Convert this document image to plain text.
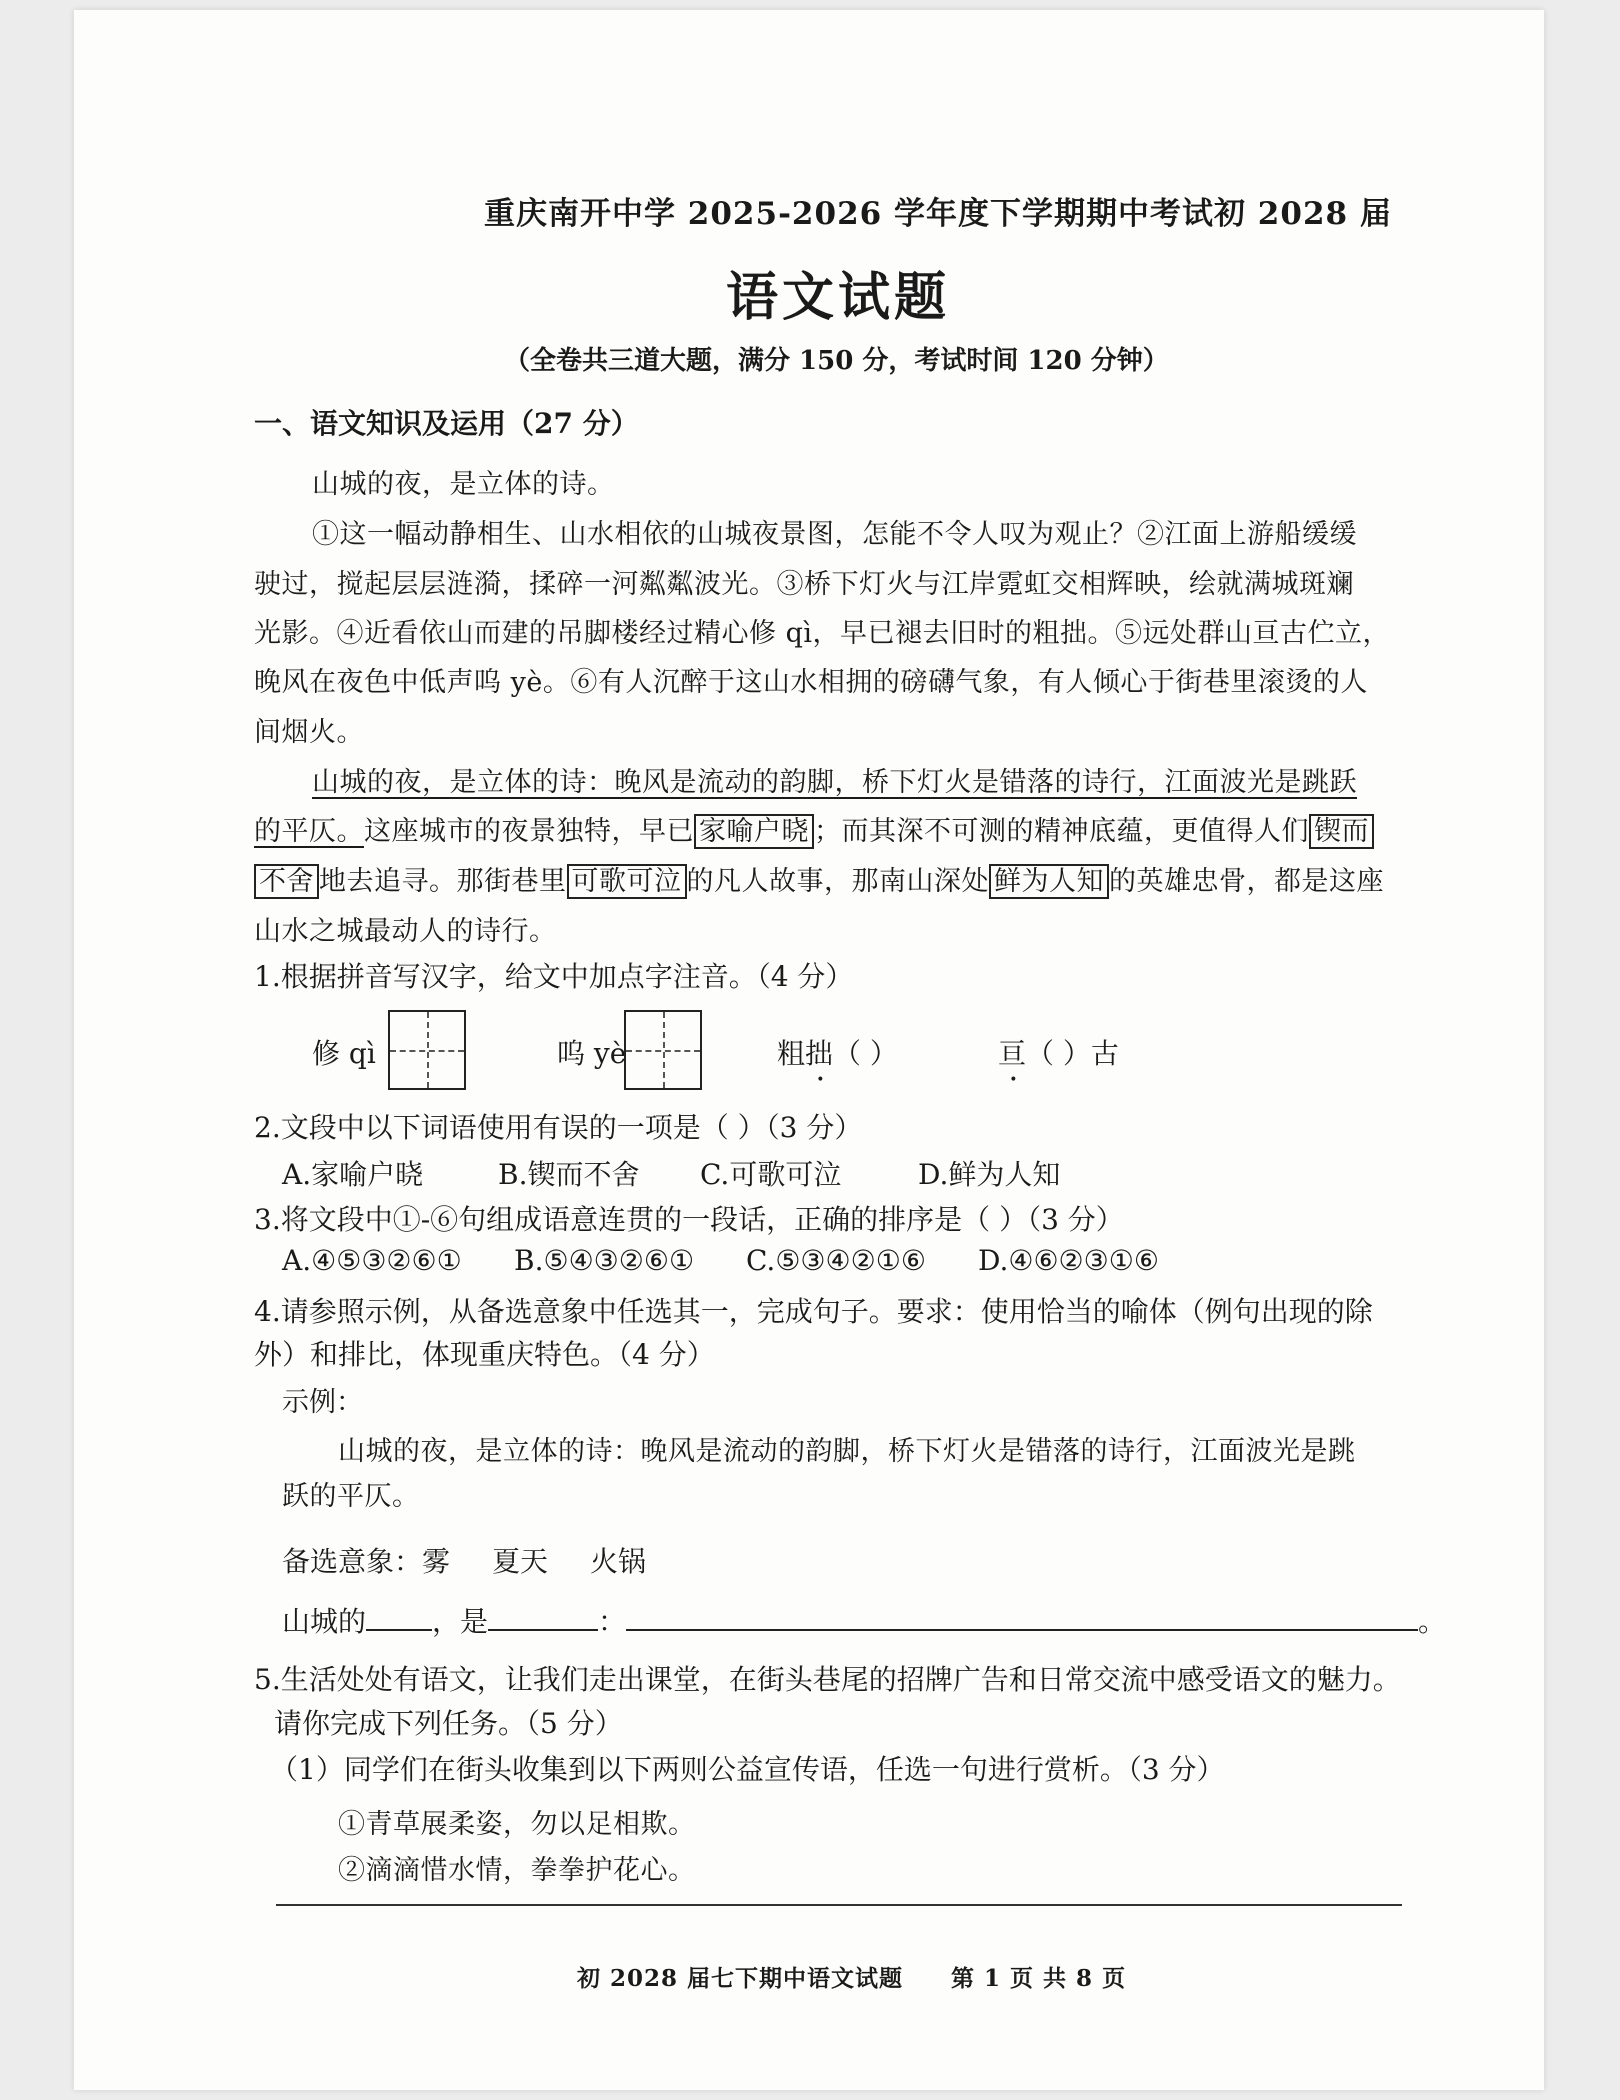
重庆南开中学 2025-2026 学年度下学期期中考试初 2028 届
语文试题
（全卷共三道大题，满分 150 分，考试时间 120 分钟）
一、语文知识及运用（27 分）
山城的夜，是立体的诗。
①这一幅动静相生、山水相依的山城夜景图，怎能不令人叹为观止？②江面上游船缓缓
驶过，搅起层层涟漪，揉碎一河粼粼波光。③桥下灯火与江岸霓虹交相辉映，绘就满城斑斓
光影。④近看依山而建的吊脚楼经过精心修 qì，早已褪去旧时的粗拙。⑤远处群山亘古伫立，
晚风在夜色中低声呜 yè。⑥有人沉醉于这山水相拥的磅礴气象，有人倾心于街巷里滚烫的人
间烟火。
山城的夜，是立体的诗：晚风是流动的韵脚，桥下灯火是错落的诗行，江面波光是跳跃
的平仄。这座城市的夜景独特，早已 家喻户晓 ；而其深不可测的精神底蕴，更值得人们 锲而
不舍 地去追寻。那街巷里 可歌可泣 的凡人故事，那南山深处 鲜为人知 的英雄忠骨，都是这座
山水之城最动人的诗行。
1.根据拼音写汉字，给文中加点字注音。（4 分）
修 qì	呜 yè	粗拙（ ）	亘（ ）古
2.文段中以下词语使用有误的一项是（ ）（3 分）
A.家喻户晓	B.锲而不舍 C.可歌可泣	D.鲜为人知
3.将文段中①-⑥句组成语意连贯的一段话，正确的排序是（ ）（3 分）
A.④⑤③②⑥① B.⑤④③②⑥① C.⑤③④②①⑥ D.④⑥②③①⑥
4.请参照示例，从备选意象中任选其一，完成句子。要求：使用恰当的喻体（例句出现的除
外）和排比，体现重庆特色。（4 分）
示例：
山城的夜，是立体的诗：晚风是流动的韵脚，桥下灯火是错落的诗行，江面波光是跳
跃的平仄。
备选意象：雾 夏天 火锅
山城的 ，是	：	。
5.生活处处有语文，让我们走出课堂，在街头巷尾的招牌广告和日常交流中感受语文的魅力。
请你完成下列任务。（5 分）
（1）同学们在街头收集到以下两则公益宣传语，任选一句进行赏析。（3 分）
①青草展柔姿，勿以足相欺。
②滴滴惜水情，拳拳护花心。
初 2028 届七下期中语文试题　　第 1 页 共 8 页
